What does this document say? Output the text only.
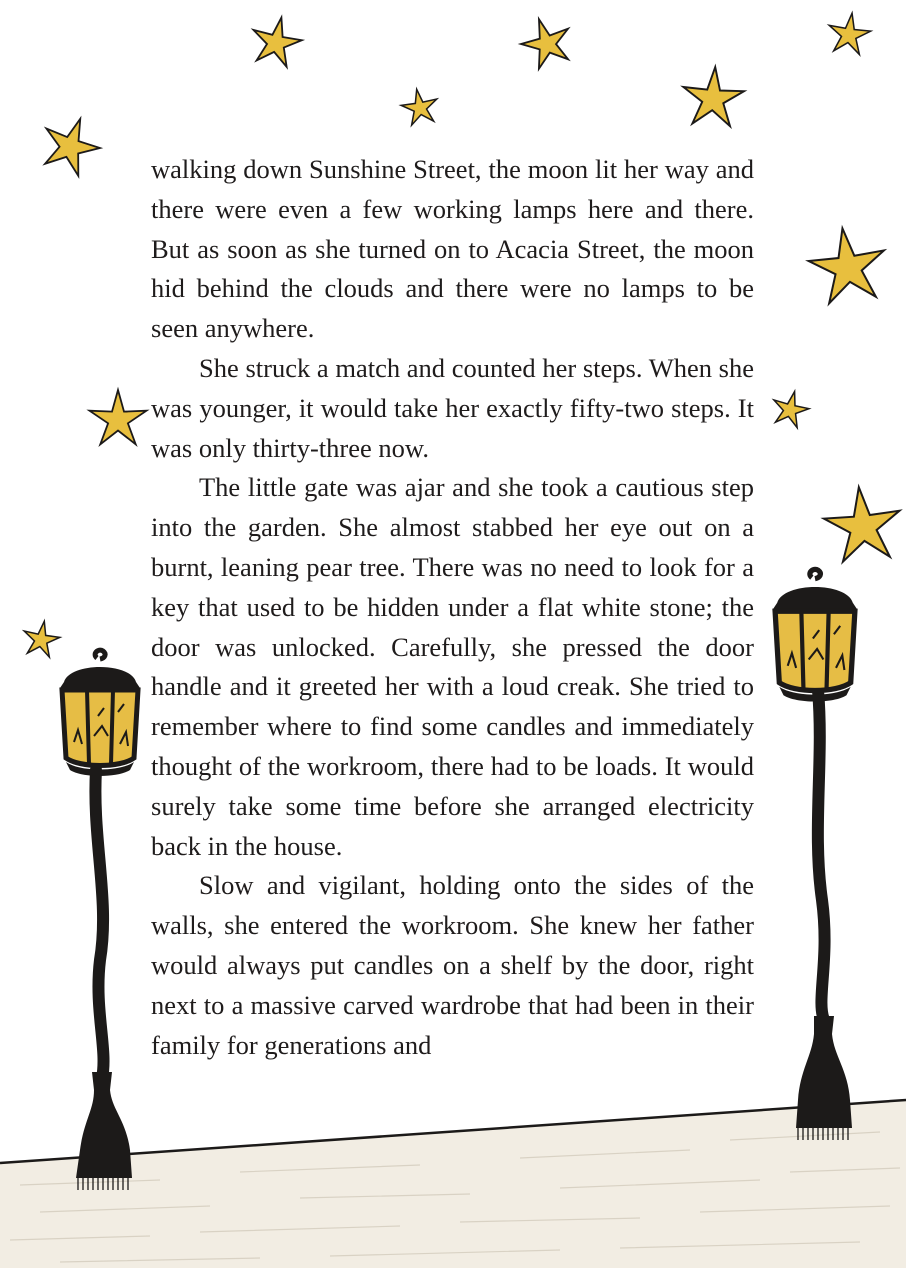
walking down Sunshine Street, the moon lit her way and there were even a few working lamps here and there. But as soon as she turned on to Acacia Street, the moon hid behind the clouds and there were no lamps to be seen anywhere.

She struck a match and counted her steps. When she was younger, it would take her exactly fifty-two steps. It was only thirty-three now.

The little gate was ajar and she took a cautious step into the garden. She almost stabbed her eye out on a burnt, leaning pear tree. There was no need to look for a key that used to be hidden under a flat white stone; the door was unlocked. Carefully, she pressed the door handle and it greeted her with a loud creak. She tried to remember where to find some candles and immediately thought of the workroom, there had to be loads. It would surely take some time before she arranged electricity back in the house.

Slow and vigilant, holding onto the sides of the walls, she entered the workroom. She knew her father would always put candles on a shelf by the door, right next to a massive carved wardrobe that had been in their family for generations and
